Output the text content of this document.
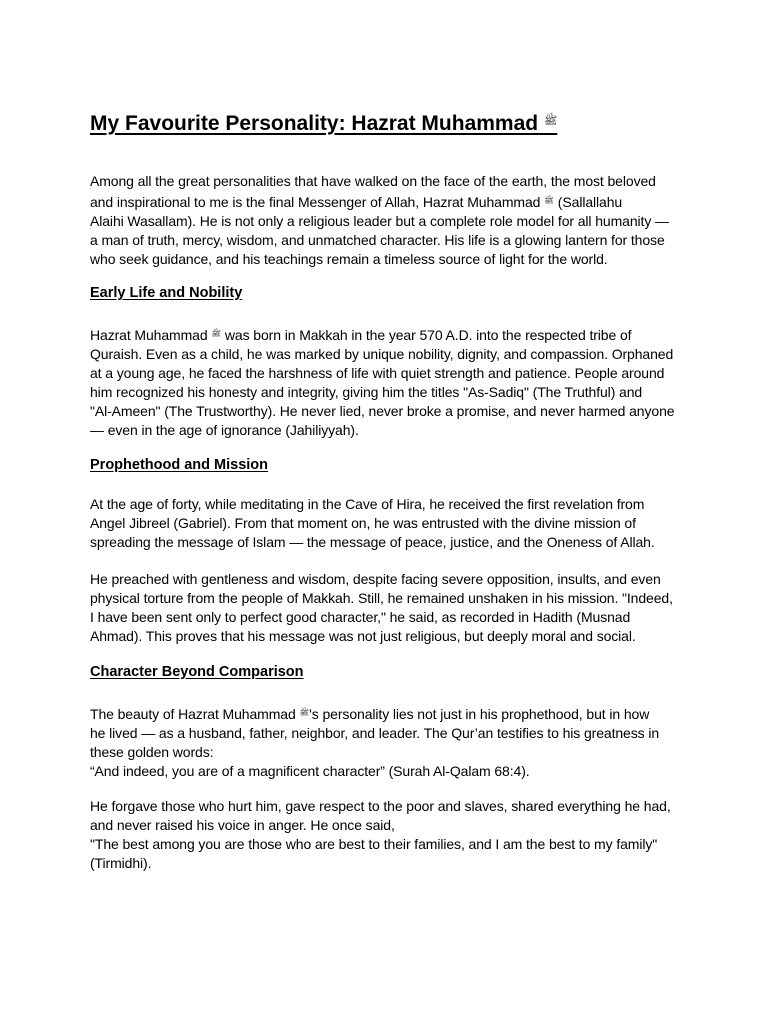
My Favourite Personality: Hazrat Muhammad $^ﷺ$

Among all the great personalities that have walked on the face of the earth, the most beloved
and inspirational to me is the final Messenger of Allah, Hazrat Muhammad $^ﷺ$ (Sallallahu
Alaihi Wasallam). He is not only a religious leader but a complete role model for all humanity —
a man of truth, mercy, wisdom, and unmatched character. His life is a glowing lantern for those
who seek guidance, and his teachings remain a timeless source of light for the world.

Early Life and Nobility

Hazrat Muhammad $^ﷺ$ was born in Makkah in the year 570 A.D. into the respected tribe of
Quraish. Even as a child, he was marked by unique nobility, dignity, and compassion. Orphaned
at a young age, he faced the harshness of life with quiet strength and patience. People around
him recognized his honesty and integrity, giving him the titles "As-Sadiq" (The Truthful) and
"Al-Ameen" (The Trustworthy). He never lied, never broke a promise, and never harmed anyone
— even in the age of ignorance (Jahiliyyah).

Prophethood and Mission

At the age of forty, while meditating in the Cave of Hira, he received the first revelation from
Angel Jibreel (Gabriel). From that moment on, he was entrusted with the divine mission of
spreading the message of Islam — the message of peace, justice, and the Oneness of Allah.

He preached with gentleness and wisdom, despite facing severe opposition, insults, and even
physical torture from the people of Makkah. Still, he remained unshaken in his mission. "Indeed,
I have been sent only to perfect good character," he said, as recorded in Hadith (Musnad
Ahmad). This proves that his message was not just religious, but deeply moral and social.

Character Beyond Comparison

The beauty of Hazrat Muhammad $^ﷺ$'s personality lies not just in his prophethood, but in how
he lived — as a husband, father, neighbor, and leader. The Qur’an testifies to his greatness in
these golden words:
“And indeed, you are of a magnificent character” (Surah Al-Qalam 68:4).

He forgave those who hurt him, gave respect to the poor and slaves, shared everything he had,
and never raised his voice in anger. He once said,
"The best among you are those who are best to their families, and I am the best to my family"
(Tirmidhi).
